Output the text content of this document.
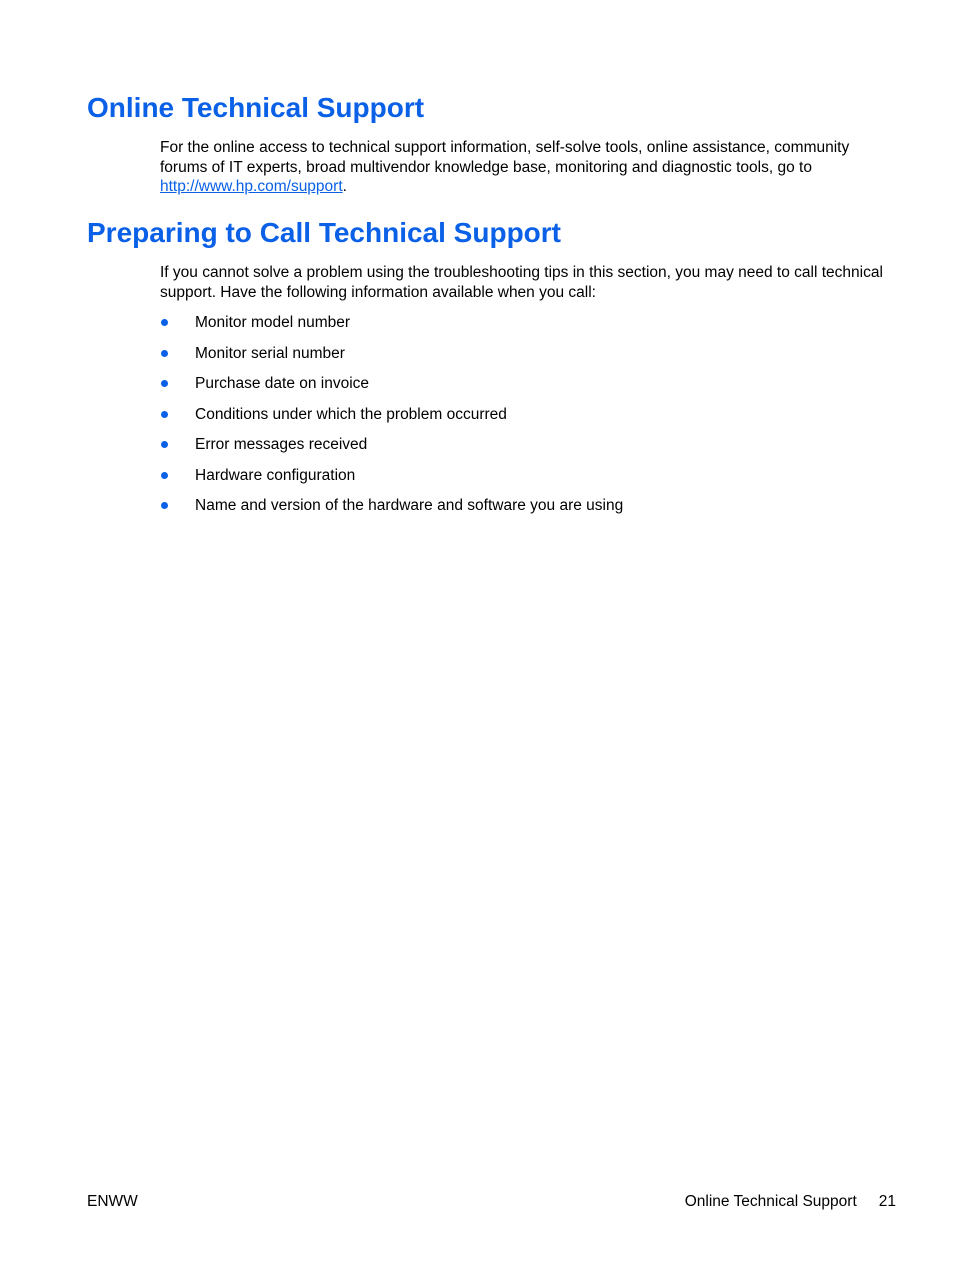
Online Technical Support

For the online access to technical support information, self-solve tools, online assistance, community forums of IT experts, broad multivendor knowledge base, monitoring and diagnostic tools, go to http://www.hp.com/support.

Preparing to Call Technical Support

If you cannot solve a problem using the troubleshooting tips in this section, you may need to call technical support. Have the following information available when you call:

Monitor model number
Monitor serial number
Purchase date on invoice
Conditions under which the problem occurred
Error messages received
Hardware configuration
Name and version of the hardware and software you are using
ENWW	Online Technical Support 21
